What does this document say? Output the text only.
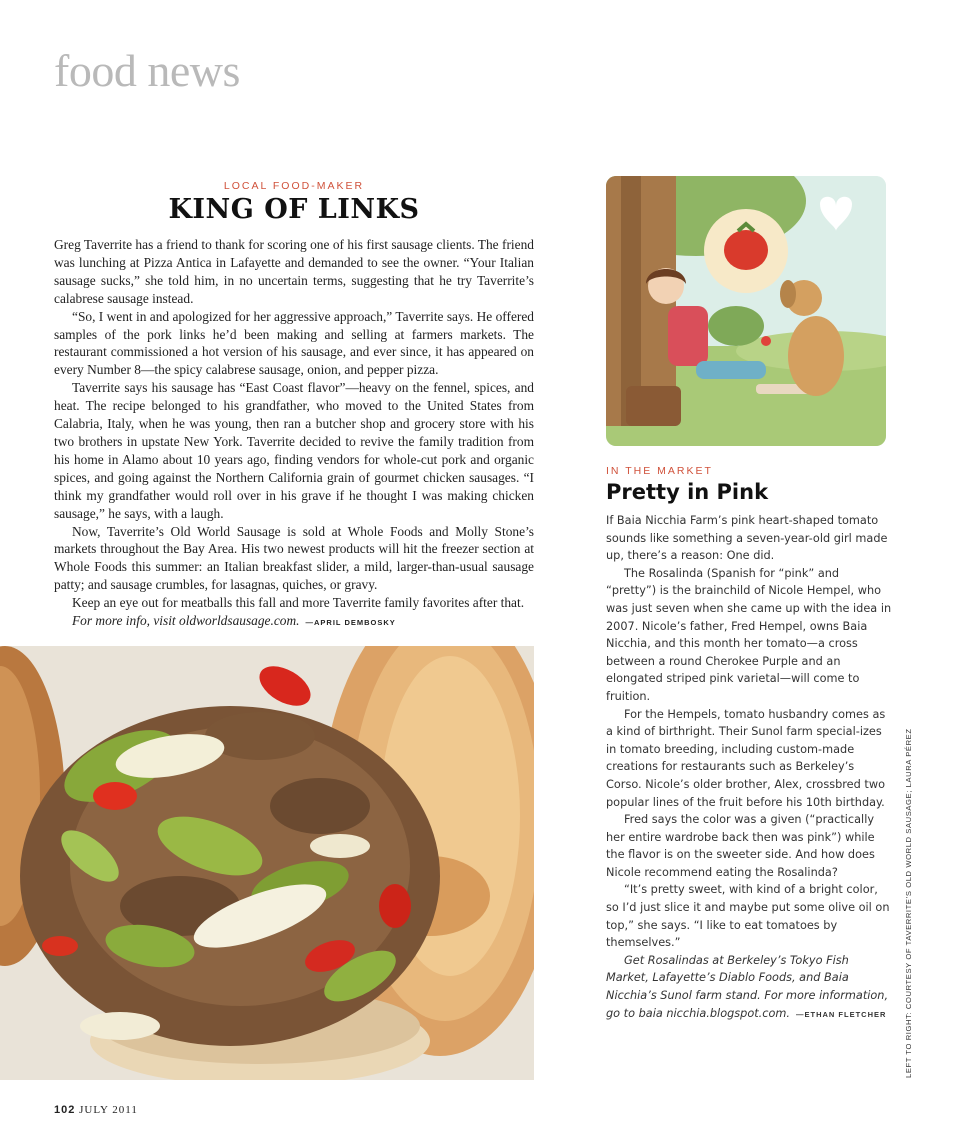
food news
LOCAL FOOD-MAKER
KING OF LINKS

Greg Taverrite has a friend to thank for scoring one of his first sausage clients. The friend was lunching at Pizza Antica in Lafayette and demanded to see the owner. “Your Italian sausage sucks,” she told him, in no uncertain terms, suggesting that he try Taverrite’s calabrese sausage instead.

“So, I went in and apologized for her aggressive approach,” Taverrite says. He offered samples of the pork links he’d been making and selling at farmers markets. The restaurant commissioned a hot version of his sausage, and ever since, it has appeared on every Number 8—the spicy calabrese sausage, onion, and pepper pizza.

Taverrite says his sausage has “East Coast flavor”—heavy on the fennel, spices, and heat. The recipe belonged to his grandfather, who moved to the United States from Calabria, Italy, when he was young, then ran a butcher shop and grocery store with his two brothers in upstate New York. Taverrite decided to revive the family tradition from his home in Alamo about 10 years ago, finding vendors for whole-cut pork and organic spices, and going against the Northern California grain of gourmet chicken sausages. “I think my grandfather would roll over in his grave if he thought I was making chicken sausage,” he says, with a laugh.

Now, Taverrite’s Old World Sausage is sold at Whole Foods and Molly Stone’s markets throughout the Bay Area. His two newest products will hit the freezer section at Whole Foods this summer: an Italian breakfast slider, a mild, larger-than-usual sausage patty; and sausage crumbles, for lasagnas, quiches, or gravy.

Keep an eye out for meatballs this fall and more Taverrite family favorites after that.

For more info, visit oldworldsausage.com. —APRIL DEMBOSKY

IN THE MARKET
Pretty in Pink

If Baia Nicchia Farm’s pink heart-shaped tomato sounds like something a seven-year-old girl made up, there’s a reason: One did.

The Rosalinda (Spanish for “pink” and “pretty”) is the brainchild of Nicole Hempel, who was just seven when she came up with the idea in 2007. Nicole’s father, Fred Hempel, owns Baia Nicchia, and this month her tomato—a cross between a round Cherokee Purple and an elongated striped pink varietal—will come to fruition.

For the Hempels, tomato husbandry comes as a kind of birthright. Their Sunol farm special-izes in tomato breeding, including custom-made creations for restaurants such as Berkeley’s Corso. Nicole’s older brother, Alex, crossbred two popular lines of the fruit before his 10th birthday.

Fred says the color was a given (“practically her entire wardrobe back then was pink”) while the flavor is on the sweeter side. And how does Nicole recommend eating the Rosalinda?

“It’s pretty sweet, with kind of a bright color, so I’d just slice it and maybe put some olive oil on top,” she says. “I like to eat tomatoes by themselves.”

Get Rosalindas at Berkeley’s Tokyo Fish Market, Lafayette’s Diablo Foods, and Baia Nicchia’s Sunol farm stand. For more information, go to baia nicchia.blogspot.com. —ETHAN FLETCHER	LEFT TO RIGHT: COURTESY OF TAVERRITE’S OLD WORLD SAUSAGE; LAURA PÉREZ
102 JULY 2011
